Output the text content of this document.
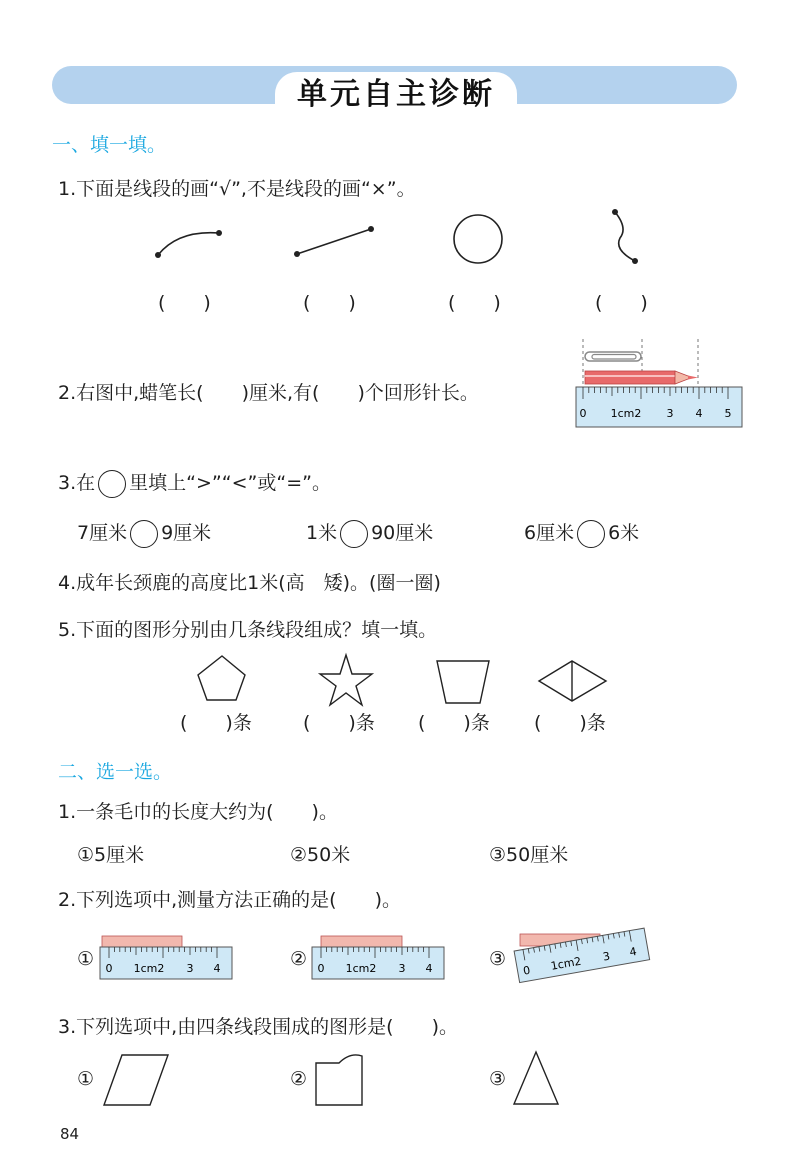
单元自主诊断
一、填一填。
1.下面是线段的画“√”,不是线段的画“×”。
(　　)	(　　)	(　　)	(　　)
2.右图中,蜡笔长(　　)厘米,有(　　)个回形针长。
0 1cm2 3 4 5
3.在 里填上“>”“<”或“=”。
7厘米 9厘米	1米 90厘米	6厘米 6米
4.成年长颈鹿的高度比1米(高　矮)。(圈一圈)
5.下面的图形分别由几条线段组成？填一填。
(　　)条	(　　)条 (　　)条 (　　)条
二、选一选。
1.一条毛巾的长度大约为(　　)。
①5厘米	②50米	③50厘米
2.下列选项中,测量方法正确的是(　　)。
① 0 1cm2 3 4	② 0 1cm2 3 4	③
0 1cm2 3 4
3.下列选项中,由四条线段围成的图形是(　　)。
①	②	③
84
